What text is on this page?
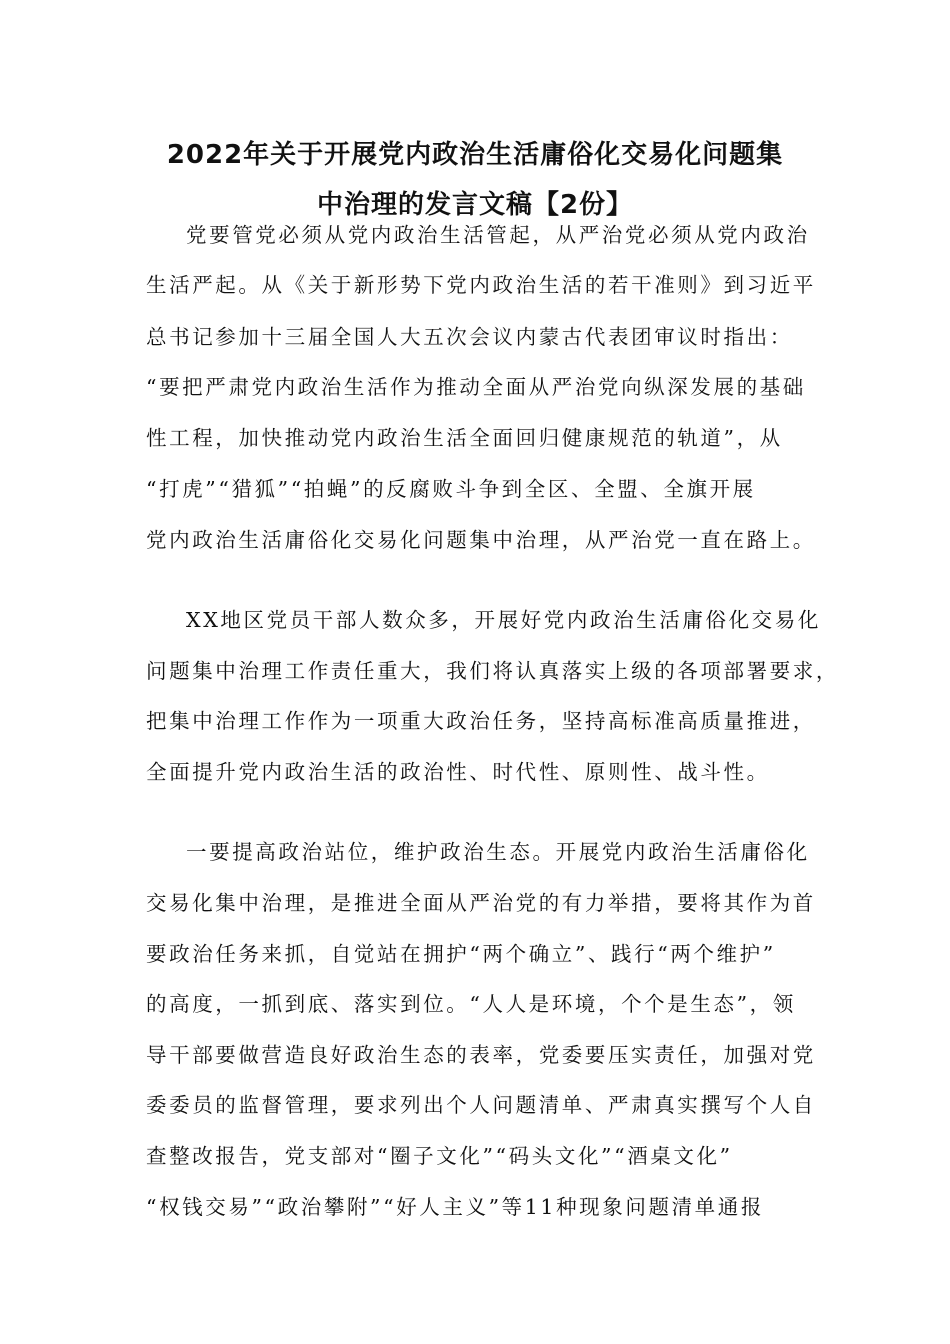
2022年关于开展党内政治生活庸俗化交易化问题集
中治理的发言文稿【2份】
党要管党必须从党内政治生活管起，从严治党必须从党内政治
生活严起。从《关于新形势下党内政治生活的若干准则》到习近平
总书记参加十三届全国人大五次会议内蒙古代表团审议时指出：
“要把严肃党内政治生活作为推动全面从严治党向纵深发展的基础
性工程，加快推动党内政治生活全面回归健康规范的轨道”，从
“打虎”“猎狐”“拍蝇”的反腐败斗争到全区、全盟、全旗开展
党内政治生活庸俗化交易化问题集中治理，从严治党一直在路上。
XX地区党员干部人数众多，开展好党内政治生活庸俗化交易化
问题集中治理工作责任重大，我们将认真落实上级的各项部署要求，
把集中治理工作作为一项重大政治任务，坚持高标准高质量推进，
全面提升党内政治生活的政治性、时代性、原则性、战斗性。
一要提高政治站位，维护政治生态。开展党内政治生活庸俗化
交易化集中治理，是推进全面从严治党的有力举措，要将其作为首
要政治任务来抓，自觉站在拥护“两个确立”、践行“两个维护”
的高度，一抓到底、落实到位。“人人是环境，个个是生态”，领
导干部要做营造良好政治生态的表率，党委要压实责任，加强对党
委委员的监督管理，要求列出个人问题清单、严肃真实撰写个人自
查整改报告，党支部对“圈子文化”“码头文化”“酒桌文化”
“权钱交易”“政治攀附”“好人主义”等11种现象问题清单通报
